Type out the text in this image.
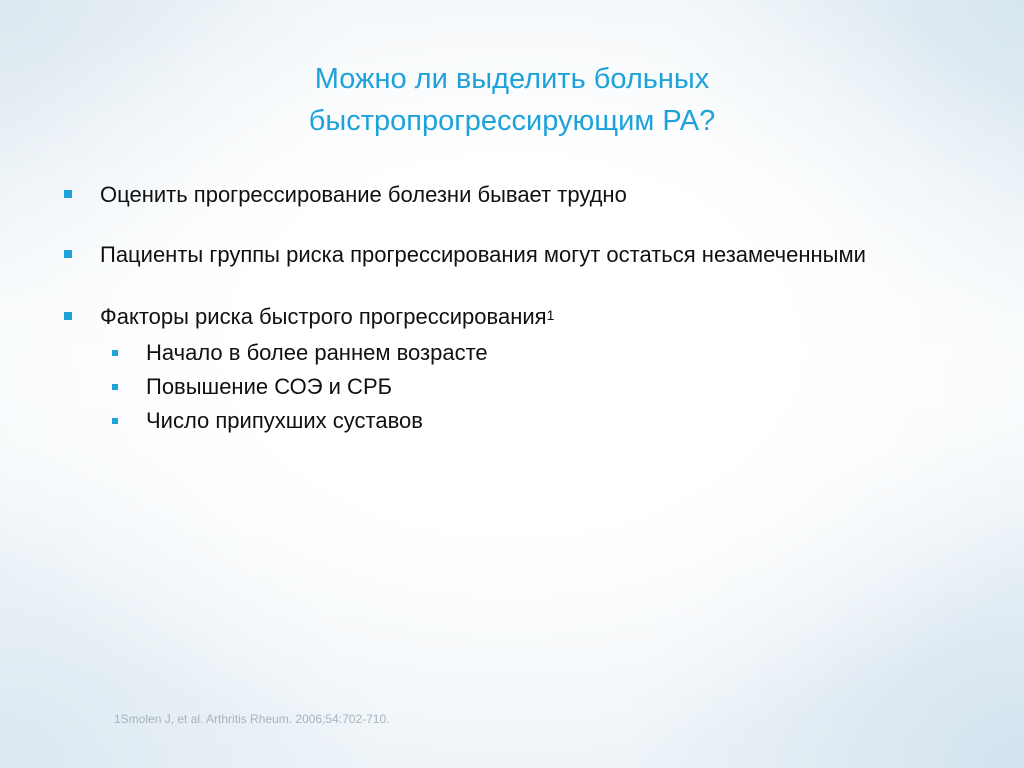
Можно ли выделить больных
быстропрогрессирующим РА?
Оценить прогрессирование болезни бывает трудно
Пациенты группы риска прогрессирования могут остаться незамеченными
Факторы риска быстрого прогрессирования$^1$
Начало в более раннем возрасте
Повышение СОЭ и СРБ
Число припухших суставов
1Smolen J, et al. Arthritis Rheum. 2006;54:702-710.
